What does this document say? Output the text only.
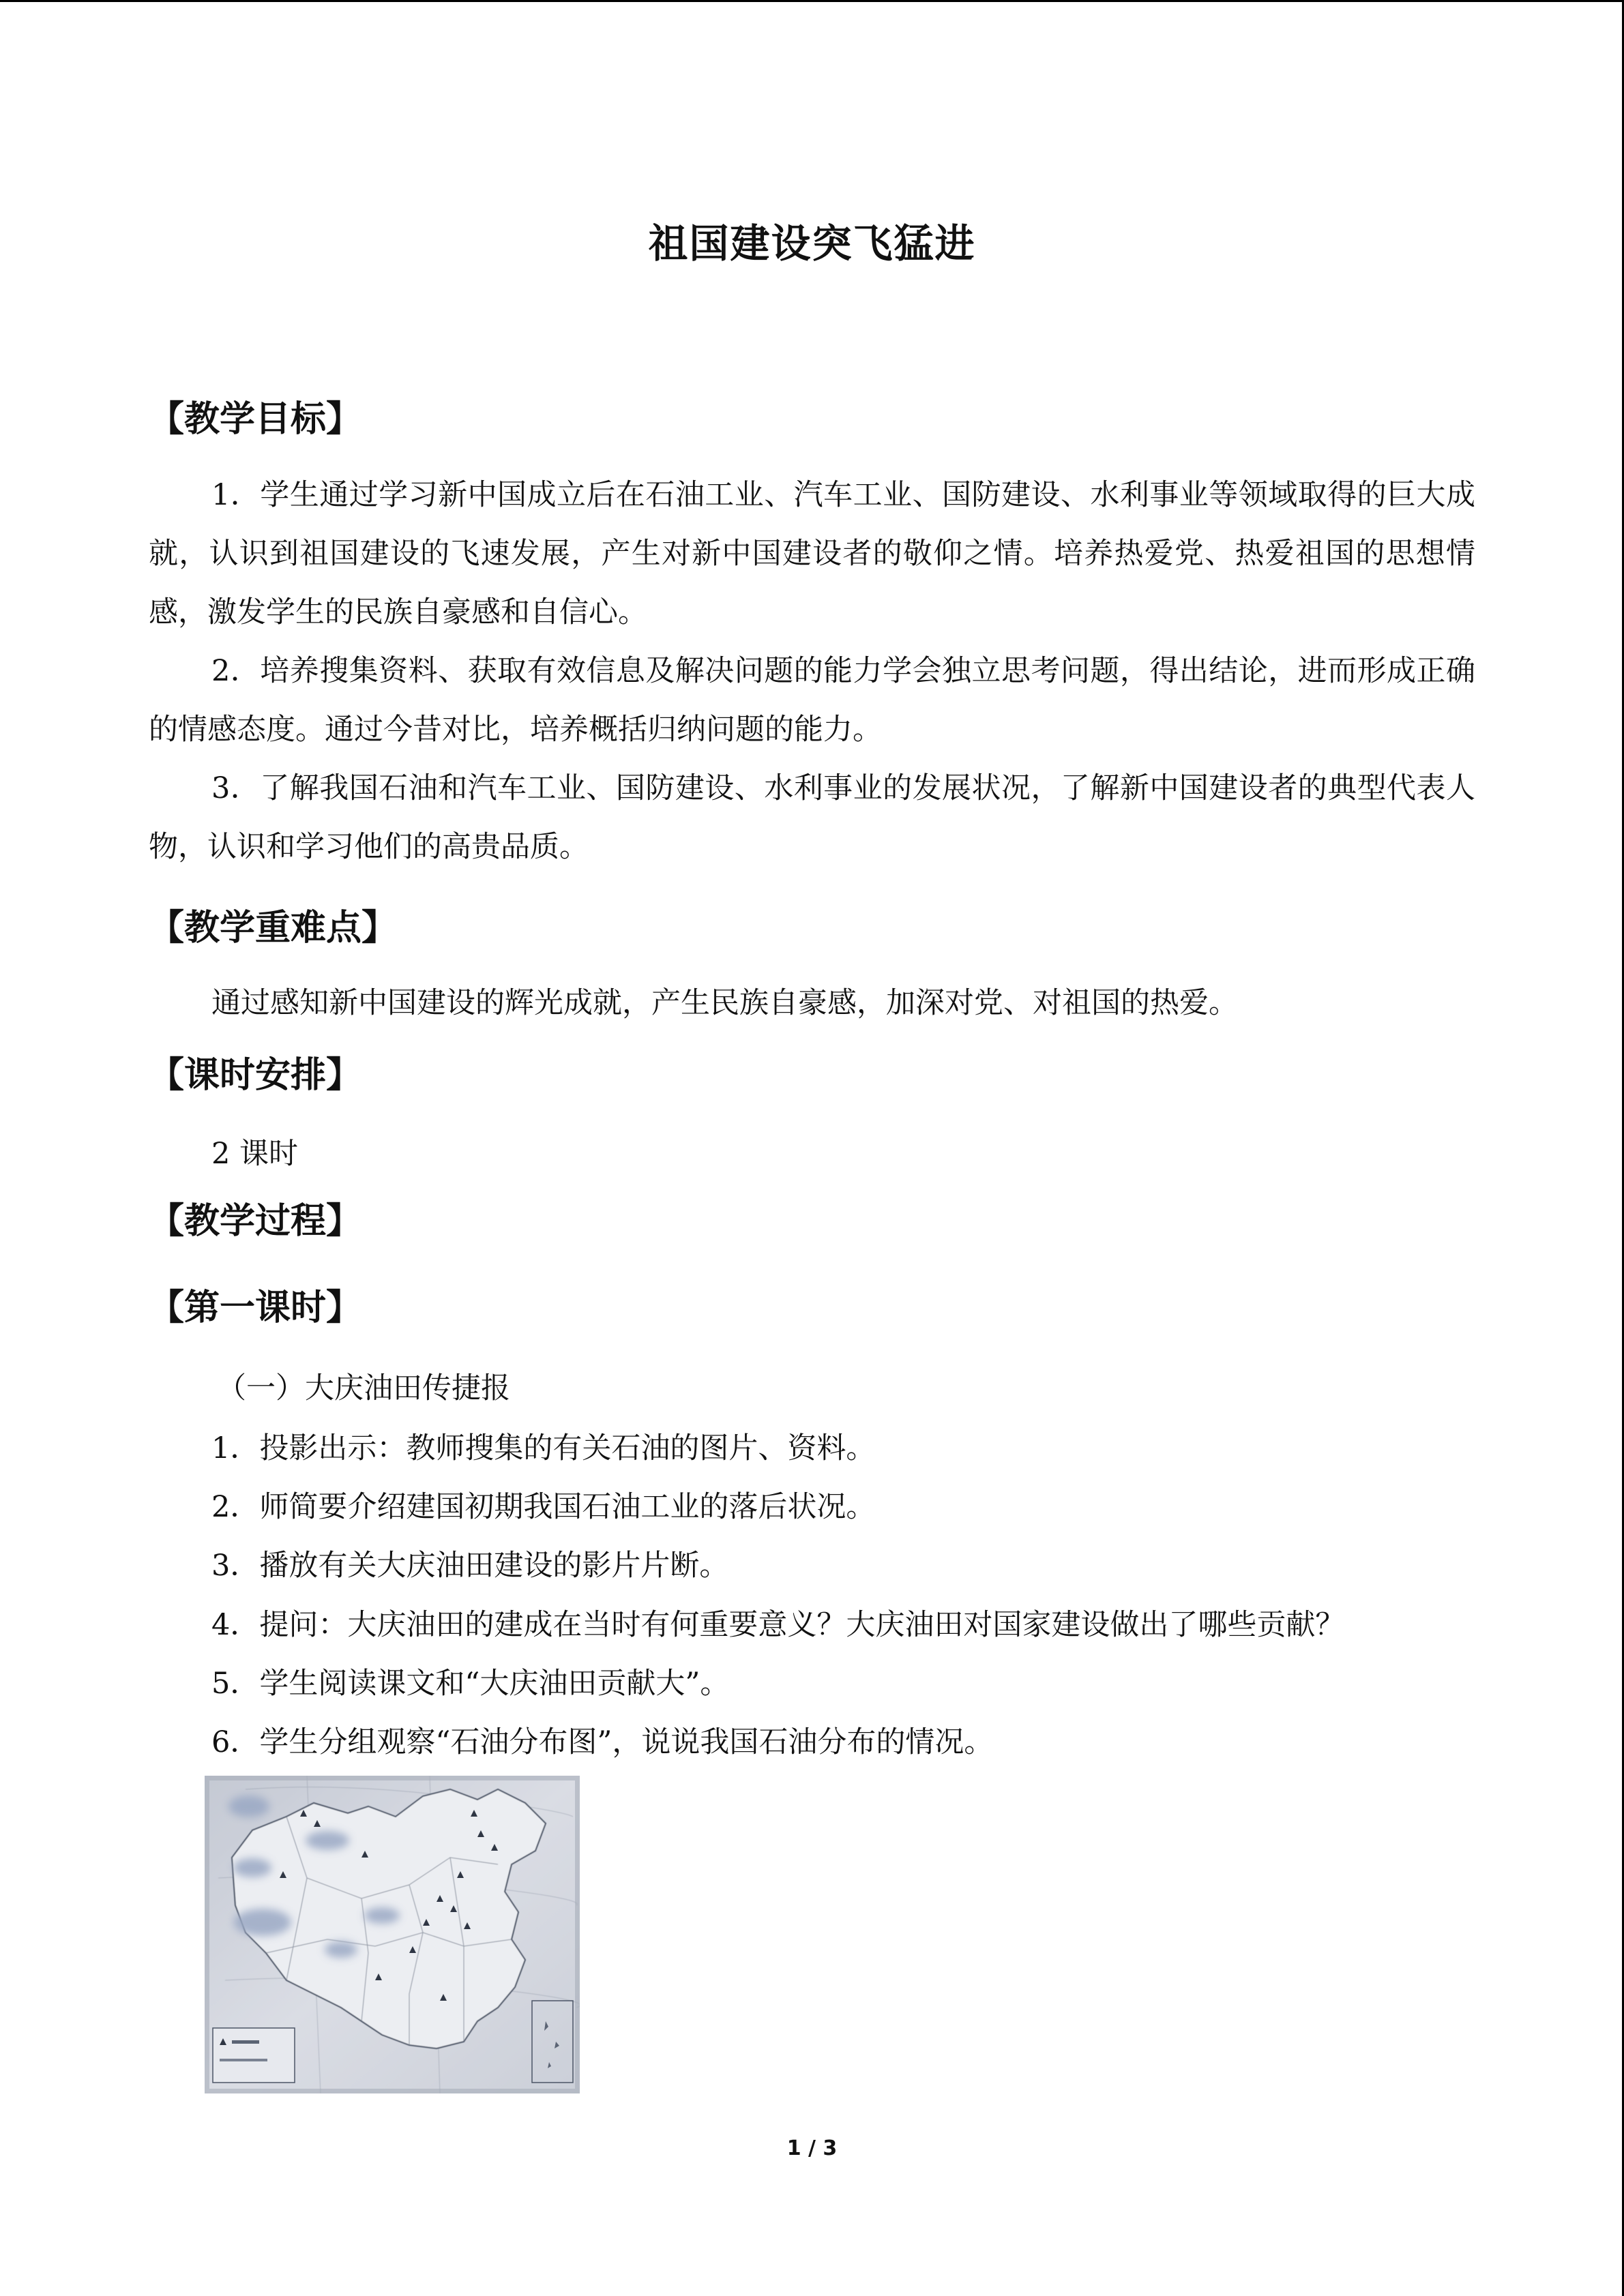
祖国建设突飞猛进
【教学目标】
1．学生通过学习新中国成立后在石油工业、汽车工业、国防建设、水利事业等领域取得的巨大成就，认识到祖国建设的飞速发展，产生对新中国建设者的敬仰之情。培养热爱党、热爱祖国的思想情感，激发学生的民族自豪感和自信心。
2．培养搜集资料、获取有效信息及解决问题的能力学会独立思考问题，得出结论，进而形成正确的情感态度。通过今昔对比，培养概括归纳问题的能力。
3．了解我国石油和汽车工业、国防建设、水利事业的发展状况，了解新中国建设者的典型代表人物，认识和学习他们的高贵品质。
【教学重难点】
通过感知新中国建设的辉光成就，产生民族自豪感，加深对党、对祖国的热爱。
【课时安排】
2 课时
【教学过程】
【第一课时】
（一）大庆油田传捷报
1．投影出示：教师搜集的有关石油的图片、资料。
2．师简要介绍建国初期我国石油工业的落后状况。
3．播放有关大庆油田建设的影片片断。
4．提问：大庆油田的建成在当时有何重要意义？大庆油田对国家建设做出了哪些贡献？
5．学生阅读课文和“大庆油田贡献大”。
6．学生分组观察“石油分布图”，说说我国石油分布的情况。
1 / 3
